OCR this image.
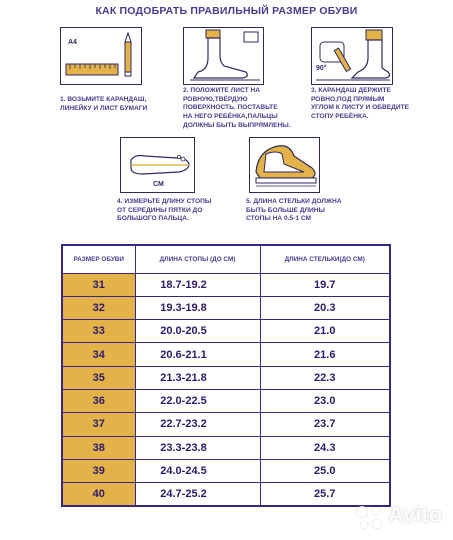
КАК ПОДОБРАТЬ ПРАВИЛЬНЫЙ РАЗМЕР ОБУВИ
A4
1. ВОЗЬМИТЕ КАРАНДАШ,
ЛИНЕЙКУ И ЛИСТ БУМАГИ
2. ПОЛОЖИТЕ ЛИСТ НА
РОВНУЮ,ТВЁРДУЮ
ПОВЕРХНОСТЬ. ПОСТАВЬТЕ
НА НЕГО РЕБЁНКА,ПАЛЬЦЫ
ДОЛЖНЫ БЫТЬ ВЫПРЯМЛЕНЫ.
90°
3. КАРАНДАШ ДЕРЖИТЕ
РОВНО,ПОД ПРЯМЫМ
УГЛОМ К ЛИСТУ И ОБВЕДИТЕ
СТОПУ РЕБЁНКА.
СМ
4. ИЗМЕРЬТЕ ДЛИНУ СТОПЫ
ОТ СЕРЕДИНЫ ПЯТКИ ДО
БОЛЬШОГО ПАЛЬЦА.
5. ДЛИНА СТЕЛЬКИ ДОЛЖНА
БЫТЬ БОЛЬШЕ ДЛИНЫ
СТОПЫ НА 0.5-1 СМ
РАЗМЕР ОБУВИ	ДЛИНА СТОПЫ (ДО СМ)	ДЛИНА СТЕЛЬКИ(ДО СМ)
31	18.7-19.2	19.7
32	19.3-19.8	20.3
33	20.0-20.5	21.0
34	20.6-21.1	21.6
35	21.3-21.8	22.3
36	22.0-22.5	23.0
37	22.7-23.2	23.7
38	23.3-23.8	24.3
39	24.0-24.5	25.0
40	24.7-25.2	25.7
Avito
